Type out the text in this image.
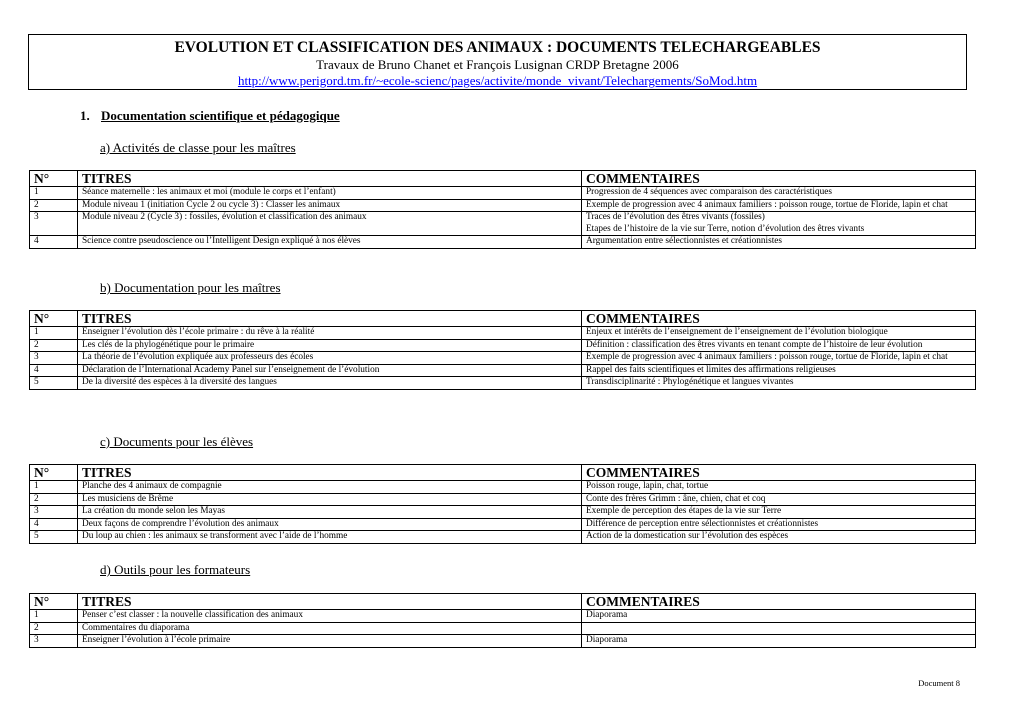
EVOLUTION ET CLASSIFICATION DES ANIMAUX : DOCUMENTS TELECHARGEABLES
Travaux de Bruno Chanet et François Lusignan CRDP Bretagne 2006
http://www.perigord.tm.fr/~ecole-scienc/pages/activite/monde_vivant/Telechargements/SoMod.htm
1. Documentation scientifique et pédagogique
a) Activités de classe pour les maîtres
N°	TITRES	COMMENTAIRES
1	Séance maternelle : les animaux et moi (module le corps et l’enfant)	Progression de 4 séquences avec comparaison des caractéristiques
2	Module niveau 1 (initiation Cycle 2 ou cycle 3) : Classer les animaux	Exemple de progression avec 4 animaux familiers : poisson rouge, tortue de Floride, lapin et chat
3	Module niveau 2 (Cycle 3) : fossiles, évolution et classification des animaux	Traces de l’évolution des êtres vivants (fossiles)
Etapes de l’histoire de la vie sur Terre, notion d’évolution des êtres vivants
4	Science contre pseudoscience ou l’Intelligent Design expliqué à nos élèves	Argumentation entre sélectionnistes et créationnistes
b) Documentation pour les maîtres
N°	TITRES	COMMENTAIRES
1	Enseigner l’évolution dès l’école primaire : du rêve à la réalité	Enjeux et intérêts de l’enseignement de l’enseignement de l’évolution biologique
2	Les clés de la phylogénétique pour le primaire	Définition : classification des êtres vivants en tenant compte de l’histoire de leur évolution
3	La théorie de l’évolution expliquée aux professeurs des écoles	Exemple de progression avec 4 animaux familiers : poisson rouge, tortue de Floride, lapin et chat
4	Déclaration de l’International Academy Panel sur l’enseignement de l’évolution	Rappel des faits scientifiques et limites des affirmations religieuses
5	De la diversité des espèces à la diversité des langues	Transdisciplinarité : Phylogénétique et langues vivantes
c) Documents pour les élèves
N°	TITRES	COMMENTAIRES
1	Planche des 4 animaux de compagnie	Poisson rouge, lapin, chat, tortue
2	Les musiciens de Brême	Conte des frères Grimm : âne, chien, chat et coq
3	La création du monde selon les Mayas	Exemple de perception des étapes de la vie sur Terre
4	Deux façons de comprendre l’évolution des animaux	Différence de perception entre sélectionnistes et créationnistes
5	Du loup au chien : les animaux se transforment avec l’aide de l’homme	Action de la domestication sur l’évolution des espèces
d) Outils pour les formateurs
N°	TITRES	COMMENTAIRES
1	Penser c’est classer : la nouvelle classification des animaux	Diaporama
2	Commentaires du diaporama	
3	Enseigner l’évolution à l’école primaire	Diaporama
Document 8
